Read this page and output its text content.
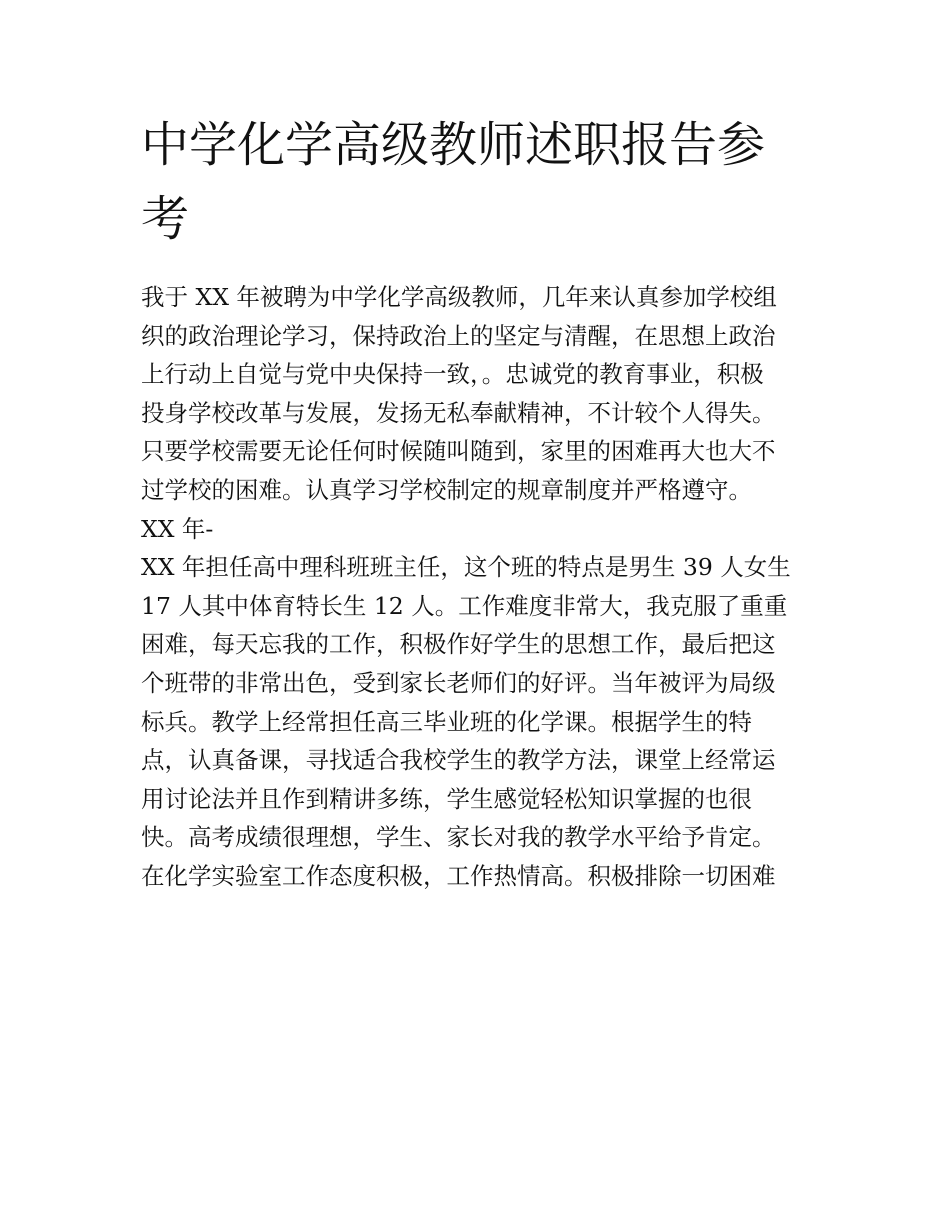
中学化学高级教师述职报告参
考
我于 XX 年被聘为中学化学高级教师，几年来认真参加学校组
织的政治理论学习，保持政治上的坚定与清醒，在思想上政治
上行动上自觉与党中央保持一致，。忠诚党的教育事业，积极
投身学校改革与发展，发扬无私奉献精神，不计较个人得失。
只要学校需要无论任何时候随叫随到，家里的困难再大也大不
过学校的困难。认真学习学校制定的规章制度并严格遵守。
XX 年-
XX 年担任高中理科班班主任，这个班的特点是男生 39 人女生
17 人其中体育特长生 12 人。工作难度非常大，我克服了重重
困难，每天忘我的工作，积极作好学生的思想工作，最后把这
个班带的非常出色，受到家长老师们的好评。当年被评为局级
标兵。教学上经常担任高三毕业班的化学课。根据学生的特
点，认真备课，寻找适合我校学生的教学方法，课堂上经常运
用讨论法并且作到精讲多练，学生感觉轻松知识掌握的也很
快。高考成绩很理想，学生、家长对我的教学水平给予肯定。
在化学实验室工作态度积极，工作热情高。积极排除一切困难
